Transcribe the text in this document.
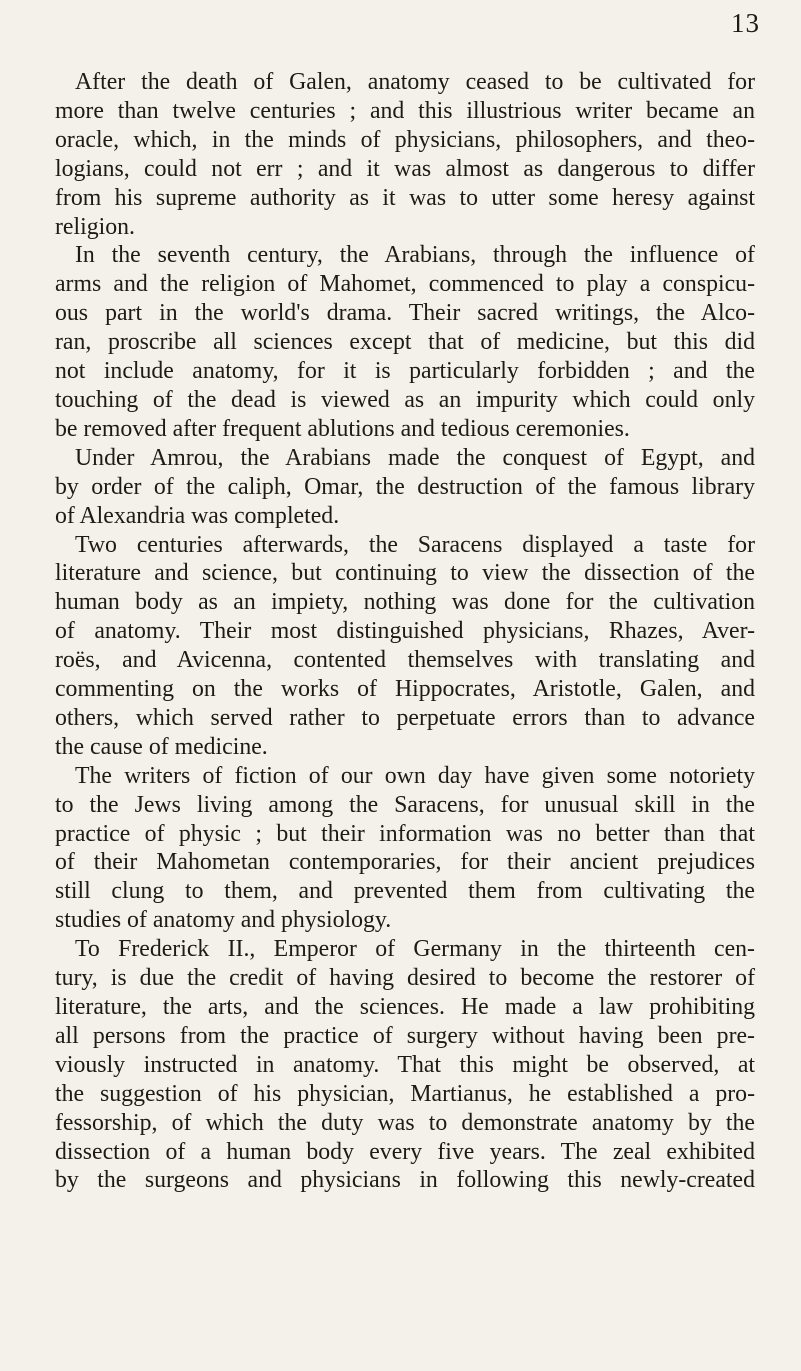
13
After the death of Galen, anatomy ceased to be cultivated for
more than twelve centuries ; and this illustrious writer became an
oracle, which, in the minds of physicians, philosophers, and theo-
logians, could not err ; and it was almost as dangerous to differ
from his supreme authority as it was to utter some heresy against
religion.
In the seventh century, the Arabians, through the influence of
arms and the religion of Mahomet, commenced to play a conspicu-
ous part in the world's drama. Their sacred writings, the Alco-
ran, proscribe all sciences except that of medicine, but this did
not include anatomy, for it is particularly forbidden ; and the
touching of the dead is viewed as an impurity which could only
be removed after frequent ablutions and tedious ceremonies.
Under Amrou, the Arabians made the conquest of Egypt, and
by order of the caliph, Omar, the destruction of the famous library
of Alexandria was completed.
Two centuries afterwards, the Saracens displayed a taste for
literature and science, but continuing to view the dissection of the
human body as an impiety, nothing was done for the cultivation
of anatomy. Their most distinguished physicians, Rhazes, Aver-
roës, and Avicenna, contented themselves with translating and
commenting on the works of Hippocrates, Aristotle, Galen, and
others, which served rather to perpetuate errors than to advance
the cause of medicine.
The writers of fiction of our own day have given some notoriety
to the Jews living among the Saracens, for unusual skill in the
practice of physic ; but their information was no better than that
of their Mahometan contemporaries, for their ancient prejudices
still clung to them, and prevented them from cultivating the
studies of anatomy and physiology.
To Frederick II., Emperor of Germany in the thirteenth cen-
tury, is due the credit of having desired to become the restorer of
literature, the arts, and the sciences. He made a law prohibiting
all persons from the practice of surgery without having been pre-
viously instructed in anatomy. That this might be observed, at
the suggestion of his physician, Martianus, he established a pro-
fessorship, of which the duty was to demonstrate anatomy by the
dissection of a human body every five years. The zeal exhibited
by the surgeons and physicians in following this newly-created
